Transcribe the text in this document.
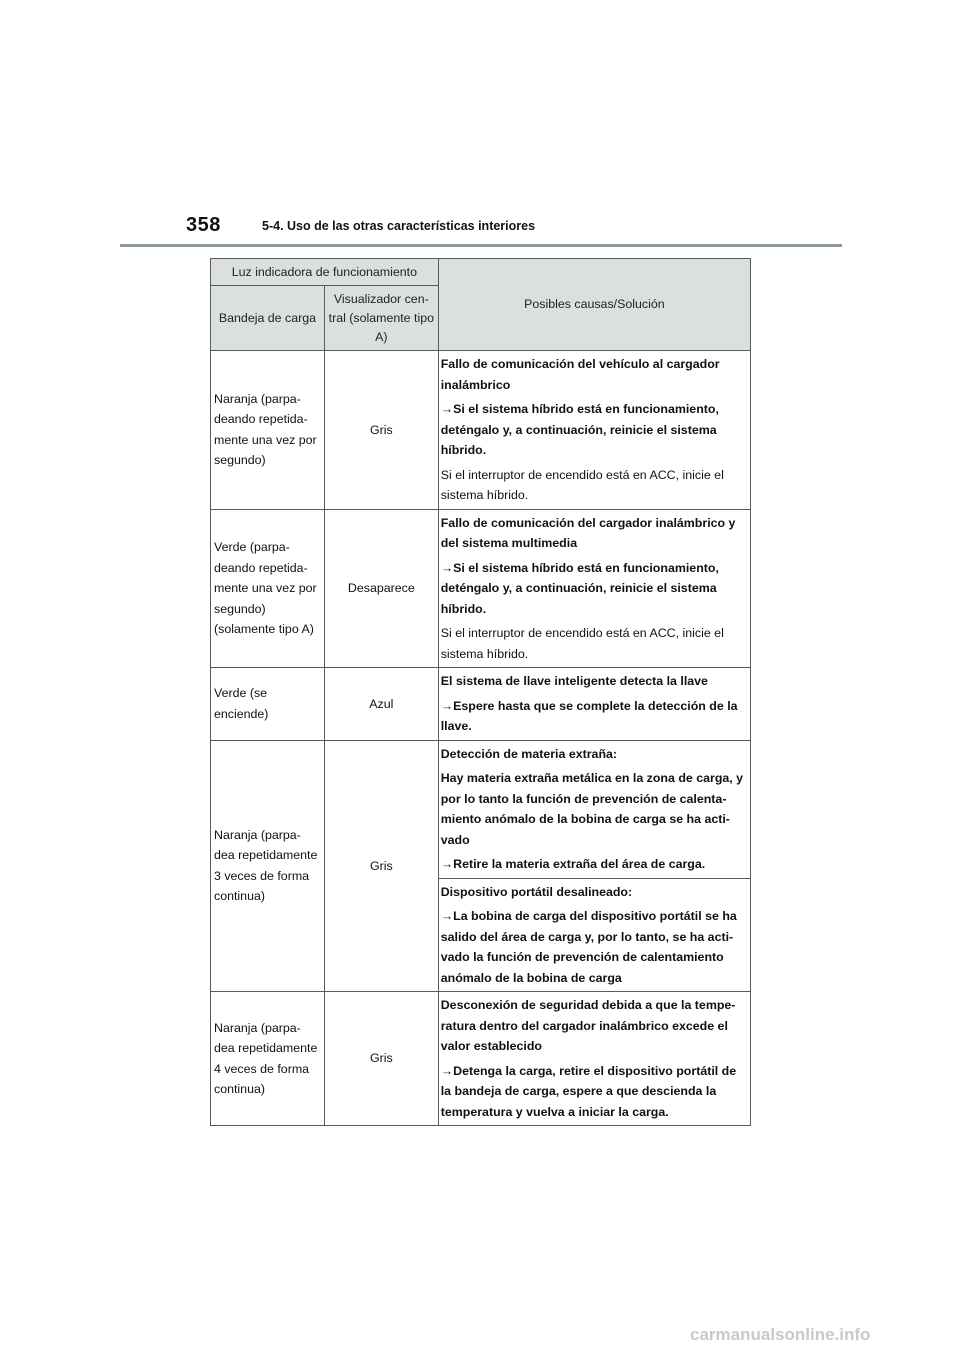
358	5-4. Uso de las otras características interiores
Luz indicadora de funcionamiento		Posibles causas/Solución
Bandeja de carga	Visualizador cen-tral (solamente tipo A)	
Naranja (parpa-deando repetida-mente una vez por segundo)	Gris	Fallo de comunicación del vehículo al cargador inalámbrico

→Si el sistema híbrido está en funcionamiento, deténgalo y, a continuación, reinicie el sistema híbrido.

Si el interruptor de encendido está en ACC, inicie el sistema híbrido.

Verde (parpa-deando repetida-mente una vez por segundo) (solamente tipo A)	Desaparece	Fallo de comunicación del cargador inalámbrico y del sistema multimedia

→Si el sistema híbrido está en funcionamiento, deténgalo y, a continuación, reinicie el sistema híbrido.

Si el interruptor de encendido está en ACC, inicie el sistema híbrido.

Verde (se enciende)	Azul	El sistema de llave inteligente detecta la llave

→Espere hasta que se complete la detección de la llave.

Naranja (parpa-dea repetidamente 3 veces de forma continua)	Gris	Detección de materia extraña:

Hay materia extraña metálica en la zona de carga, y por lo tanto la función de prevención de calenta-miento anómalo de la bobina de carga se ha acti-vado

→Retire la materia extraña del área de carga.

		Dispositivo portátil desalineado:

→La bobina de carga del dispositivo portátil se ha salido del área de carga y, por lo tanto, se ha acti-vado la función de prevención de calentamiento anómalo de la bobina de carga

Naranja (parpa-dea repetidamente 4 veces de forma continua)	Gris	Desconexión de seguridad debida a que la tempe-ratura dentro del cargador inalámbrico excede el valor establecido

→Detenga la carga, retire el dispositivo portátil de la bandeja de carga, espere a que descienda la temperatura y vuelva a iniciar la carga.

carmanualsonline.info
